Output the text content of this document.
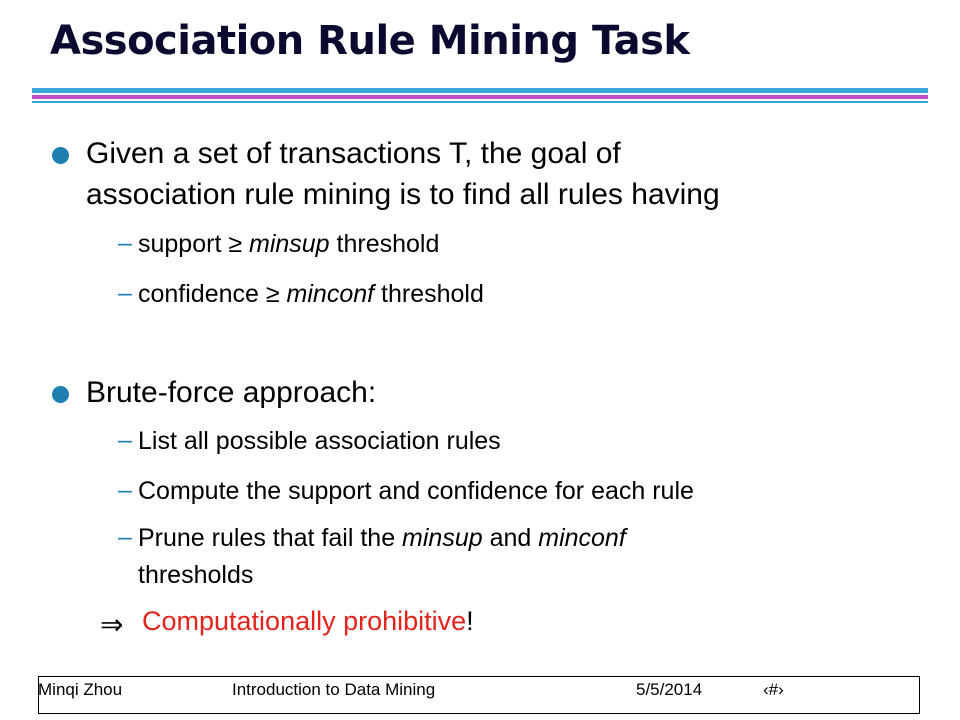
Association Rule Mining Task
Given a set of transactions T, the goal of
association rule mining is to find all rules having
– support ≥ minsup threshold
– confidence ≥ minconf threshold
Brute-force approach:
– List all possible association rules
– Compute the support and confidence for each rule
– Prune rules that fail the minsup and minconf
thresholds
⇒ Computationally prohibitive!
Minqi Zhou	Introduction to Data Mining	5/5/2014	‹#›
